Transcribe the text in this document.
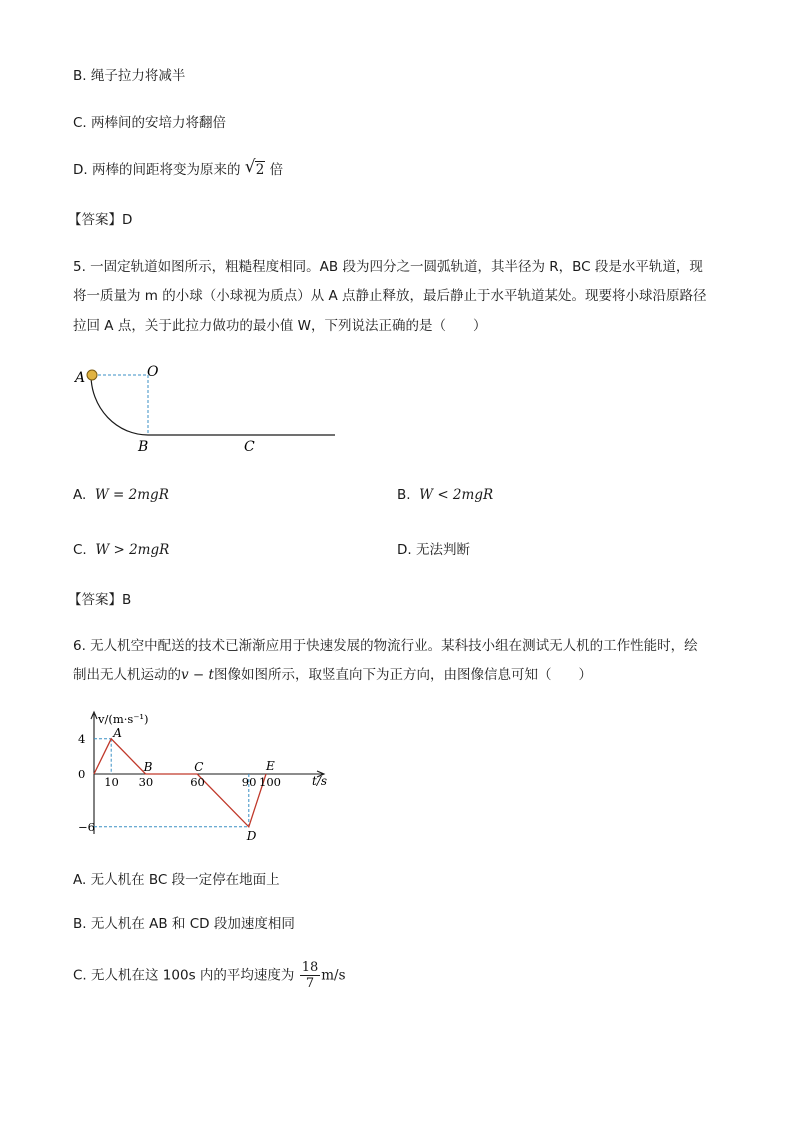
B. 绳子拉力将减半
C. 两棒间的安培力将翻倍
D. 两棒的间距将变为原来的 √ 2 倍
【答案】D
5. 一固定轨道如图所示，粗糙程度相同。AB 段为四分之一圆弧轨道，其半径为 R，BC 段是水平轨道，现
将一质量为 m 的小球（小球视为质点）从 A 点静止释放，最后静止于水平轨道某处。现要将小球沿原路径
拉回 A 点，关于此拉力做功的最小值 W，下列说法正确的是（　　）
A	O
B	C
A. W = 2mgR	B. W < 2mgR
C. W > 2mgR	D. 无法判断
【答案】B
6. 无人机空中配送的技术已渐渐应用于快速发展的物流行业。某科技小组在测试无人机的工作性能时，绘
制出无人机运动的v − t图像如图所示，取竖直向下为正方向，由图像信息可知（　　）
v/(m·s⁻¹)
t/s
A
B	C
D
E
10 30	60	90 100
4
0
−6
A. 无人机在 BC 段一定停在地面上
B. 无人机在 AB 和 CD 段加速度相同
C. 无人机在这 100s 内的平均速度为 $\frac{18}{7} m/s$
